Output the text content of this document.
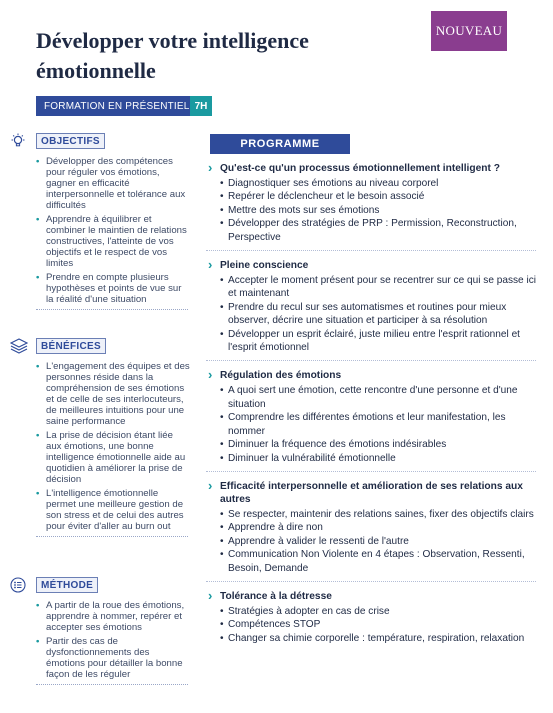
NOUVEAU
Développer votre intelligence émotionnelle
FORMATION EN PRÉSENTIEL 7H
OBJECTIFS
• Développer des compétences pour réguler vos émotions, gagner en efficacité interpersonnelle et tolérance aux difficultés
• Apprendre à équilibrer et combiner le maintien de relations constructives, l'atteinte de vos objectifs et le respect de vos limites
• Prendre en compte plusieurs hypothèses et points de vue sur la réalité d'une situation
BÉNÉFICES
• L'engagement des équipes et des personnes réside dans la compréhension de ses émotions et de celle de ses interlocuteurs, de meilleures intuitions pour une saine performance
• La prise de décision étant liée aux émotions, une bonne intelligence émotionnelle aide au quotidien à améliorer la prise de décision
• L'intelligence émotionnelle permet une meilleure gestion de son stress et de celui des autres pour éviter d'aller au burn out
MÉTHODE
• A partir de la roue des émotions, apprendre à nommer, repérer et accepter ses émotions
• Partir des cas de dysfonctionnements des émotions pour détailler la bonne façon de les réguler
PROGRAMME
› Qu'est-ce qu'un processus émotionnellement intelligent ?
• Diagnostiquer ses émotions au niveau corporel
• Repérer le déclencheur et le besoin associé
• Mettre des mots sur ses émotions
• Développer des stratégies de PRP : Permission, Reconstruction, Perspective
› Pleine conscience
• Accepter le moment présent pour se recentrer sur ce qui se passe ici et maintenant
• Prendre du recul sur ses automatismes et routines pour mieux observer, décrire une situation et participer à sa résolution
• Développer un esprit éclairé, juste milieu entre l'esprit rationnel et l'esprit émotionnel
› Régulation des émotions
• A quoi sert une émotion, cette rencontre d'une personne et d'une situation
• Comprendre les différentes émotions et leur manifestation, les nommer
• Diminuer la fréquence des émotions indésirables
• Diminuer la vulnérabilité émotionnelle
› Efficacité interpersonnelle et amélioration de ses relations aux autres
• Se respecter, maintenir des relations saines, fixer des objectifs clairs
• Apprendre à dire non
• Apprendre à valider le ressenti de l'autre
• Communication Non Violente en 4 étapes : Observation, Ressenti, Besoin, Demande
› Tolérance à la détresse
• Stratégies à adopter en cas de crise
• Compétences STOP
• Changer sa chimie corporelle : température, respiration, relaxation
